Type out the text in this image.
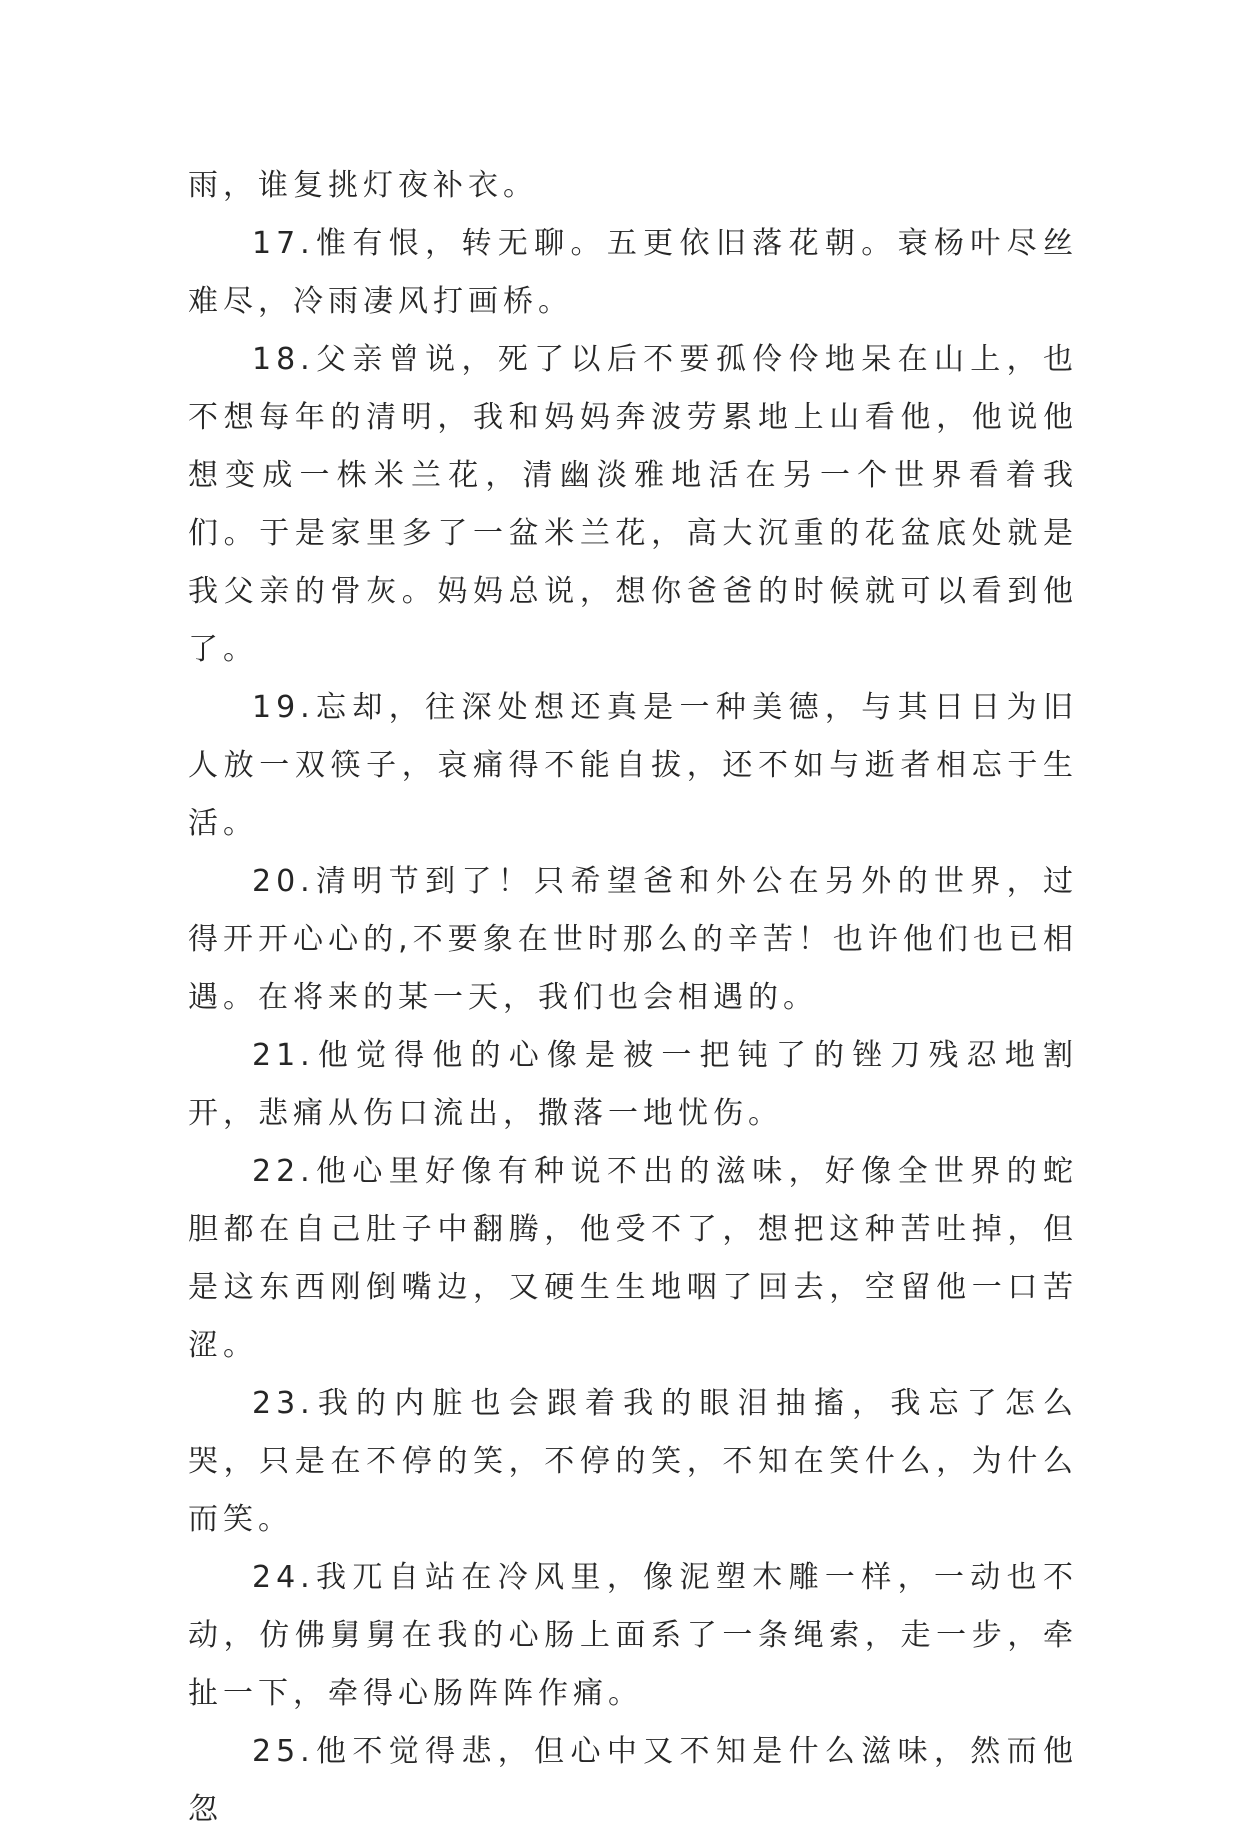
雨，谁复挑灯夜补衣。

17.惟有恨，转无聊。五更依旧落花朝。衰杨叶尽丝难尽，冷雨凄风打画桥。

18.父亲曾说，死了以后不要孤伶伶地呆在山上，也不想每年的清明，我和妈妈奔波劳累地上山看他，他说他想变成一株米兰花，清幽淡雅地活在另一个世界看着我们。于是家里多了一盆米兰花，高大沉重的花盆底处就是我父亲的骨灰。妈妈总说，想你爸爸的时候就可以看到他了。

19.忘却，往深处想还真是一种美德，与其日日为旧人放一双筷子，哀痛得不能自拔，还不如与逝者相忘于生活。

20.清明节到了！只希望爸和外公在另外的世界，过得开开心心的,不要象在世时那么的辛苦！也许他们也已相遇。在将来的某一天，我们也会相遇的。

21.他觉得他的心像是被一把钝了的锉刀残忍地割开，悲痛从伤口流出，撒落一地忧伤。

22.他心里好像有种说不出的滋味，好像全世界的蛇胆都在自己肚子中翻腾，他受不了，想把这种苦吐掉，但是这东西刚倒嘴边，又硬生生地咽了回去，空留他一口苦涩。

23.我的内脏也会跟着我的眼泪抽搐，我忘了怎么哭，只是在不停的笑，不停的笑，不知在笑什么，为什么而笑。

24.我兀自站在冷风里，像泥塑木雕一样，一动也不动，仿佛舅舅在我的心肠上面系了一条绳索，走一步，牵扯一下，牵得心肠阵阵作痛。

25.他不觉得悲，但心中又不知是什么滋味，然而他忽
